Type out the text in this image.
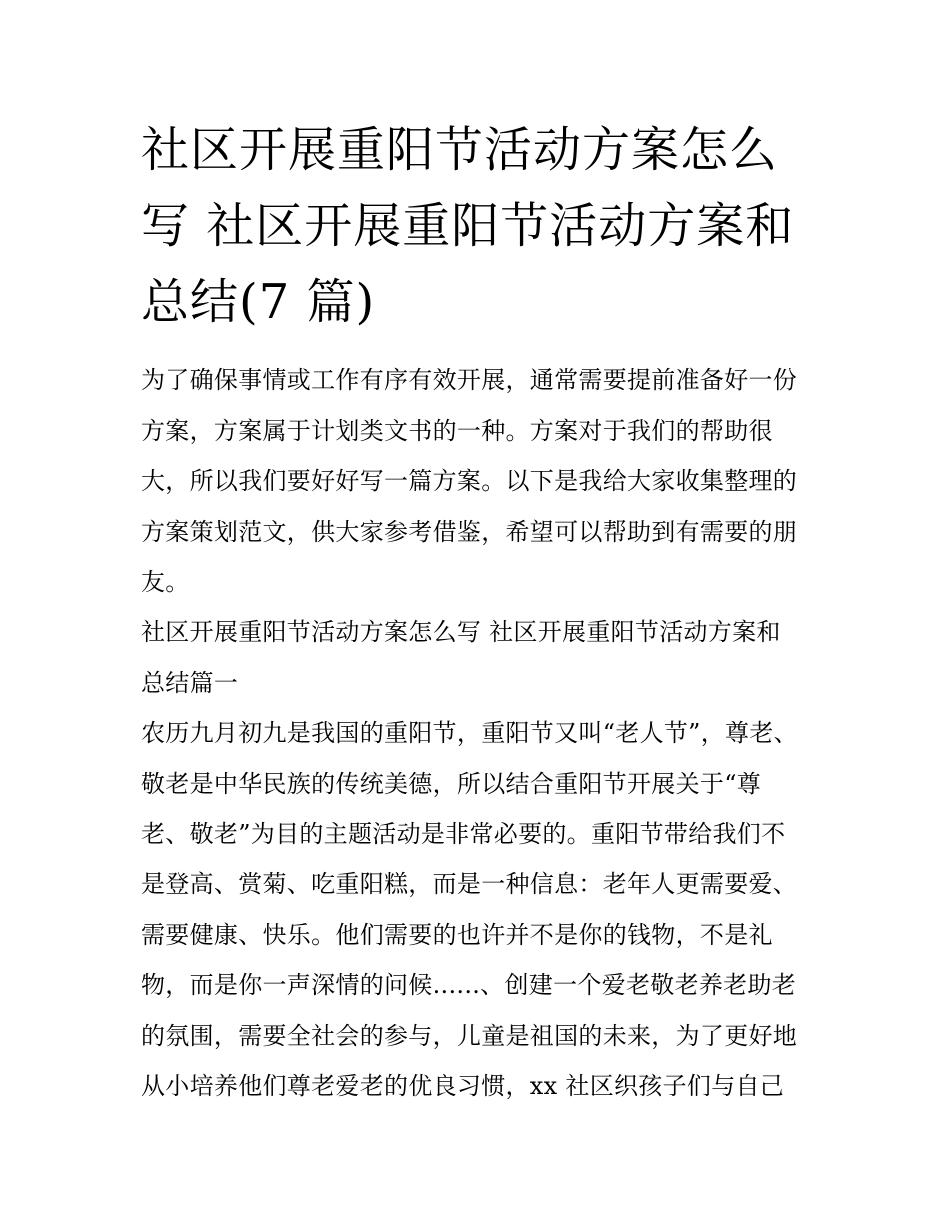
社区开展重阳节活动方案怎么
写 社区开展重阳节活动方案和
总结(7 篇)

为了确保事情或工作有序有效开展，通常需要提前准备好一份

方案，方案属于计划类文书的一种。方案对于我们的帮助很

大，所以我们要好好写一篇方案。以下是我给大家收集整理的

方案策划范文，供大家参考借鉴，希望可以帮助到有需要的朋

友。

社区开展重阳节活动方案怎么写 社区开展重阳节活动方案和

总结篇一

农历九月初九是我国的重阳节，重阳节又叫“老人节”，尊老、

敬老是中华民族的传统美德，所以结合重阳节开展关于“尊

老、敬老”为目的主题活动是非常必要的。重阳节带给我们不

是登高、赏菊、吃重阳糕，而是一种信息：老年人更需要爱、

需要健康、快乐。他们需要的也许并不是你的钱物，不是礼

物，而是你一声深情的问候......、创建一个爱老敬老养老助老

的氛围，需要全社会的参与，儿童是祖国的未来，为了更好地

从小培养他们尊老爱老的优良习惯，xx 社区织孩子们与自己
